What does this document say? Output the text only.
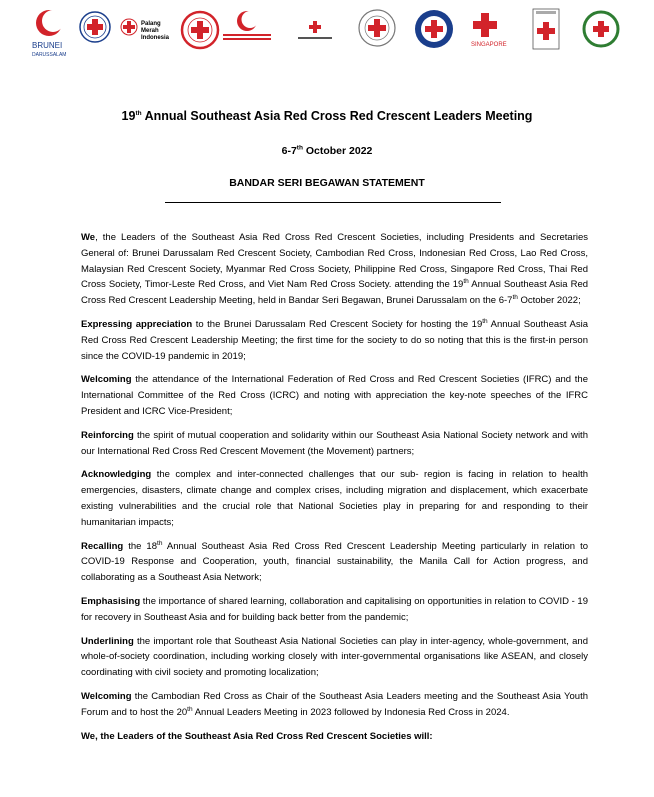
BRUNEI
DARUSSALAM
Palang
Merah
Indonesia
SINGAPORE
19th Annual Southeast Asia Red Cross Red Crescent Leaders Meeting
6-7th October 2022
BANDAR SERI BEGAWAN STATEMENT

We, the Leaders of the Southeast Asia Red Cross Red Crescent Societies, including Presidents and Secretaries General of: Brunei Darussalam Red Crescent Society, Cambodian Red Cross, Indonesian Red Cross, Lao Red Cross, Malaysian Red Crescent Society, Myanmar Red Cross Society, Philippine Red Cross, Singapore Red Cross, Thai Red Cross Society, Timor-Leste Red Cross, and Viet Nam Red Cross Society. attending the 19th Annual Southeast Asia Red Cross Red Crescent Leadership Meeting, held in Bandar Seri Begawan, Brunei Darussalam on the 6-7th October 2022;

Expressing appreciation to the Brunei Darussalam Red Crescent Society for hosting the 19th Annual Southeast Asia Red Cross Red Crescent Leadership Meeting; the first time for the society to do so noting that this is the first-in person since the COVID-19 pandemic in 2019;

Welcoming the attendance of the International Federation of Red Cross and Red Crescent Societies (IFRC) and the International Committee of the Red Cross (ICRC) and noting with appreciation the key-note speeches of the IFRC President and ICRC Vice-President;

Reinforcing the spirit of mutual cooperation and solidarity within our Southeast Asia National Society network and with our International Red Cross Red Crescent Movement (the Movement) partners;

Acknowledging the complex and inter-connected challenges that our sub- region is facing in relation to health emergencies, disasters, climate change and complex crises, including migration and displacement, which exacerbate existing vulnerabilities and the crucial role that National Societies play in preparing for and responding to their humanitarian impacts;

Recalling the 18th Annual Southeast Asia Red Cross Red Crescent Leadership Meeting particularly in relation to COVID-19 Response and Cooperation, youth, financial sustainability, the Manila Call for Action progress, and collaborating as a Southeast Asia Network;

Emphasising the importance of shared learning, collaboration and capitalising on opportunities in relation to COVID - 19 for recovery in Southeast Asia and for building back better from the pandemic;

Underlining the important role that Southeast Asia National Societies can play in inter-agency, whole-government, and whole-of-society coordination, including working closely with inter-governmental organisations like ASEAN, and closely coordinating with civil society and promoting localization;

Welcoming the Cambodian Red Cross as Chair of the Southeast Asia Leaders meeting and the Southeast Asia Youth Forum and to host the 20th Annual Leaders Meeting in 2023 followed by Indonesia Red Cross in 2024.

We, the Leaders of the Southeast Asia Red Cross Red Crescent Societies will:
